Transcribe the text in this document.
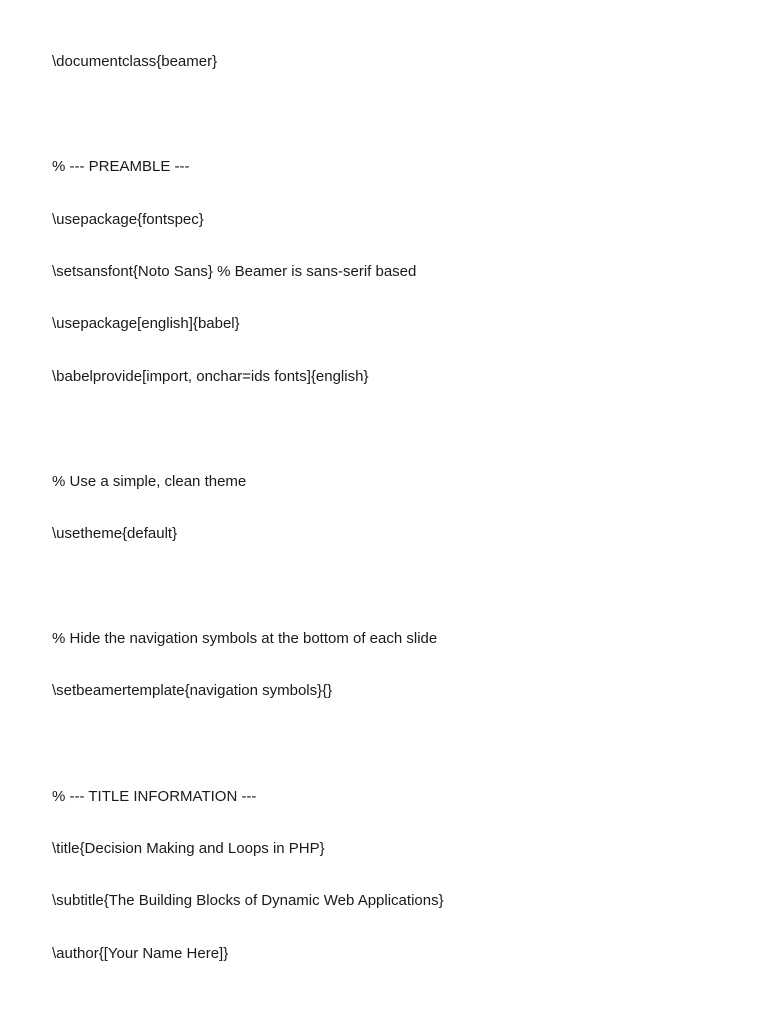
\documentclass{beamer}
% --- PREAMBLE ---
\usepackage{fontspec}
\setsansfont{Noto Sans} % Beamer is sans-serif based
\usepackage[english]{babel}
\babelprovide[import, onchar=ids fonts]{english}
% Use a simple, clean theme
\usetheme{default}
% Hide the navigation symbols at the bottom of each slide
\setbeamertemplate{navigation symbols}{}
% --- TITLE INFORMATION ---
\title{Decision Making and Loops in PHP}
\subtitle{The Building Blocks of Dynamic Web Applications}
\author{[Your Name Here]}
